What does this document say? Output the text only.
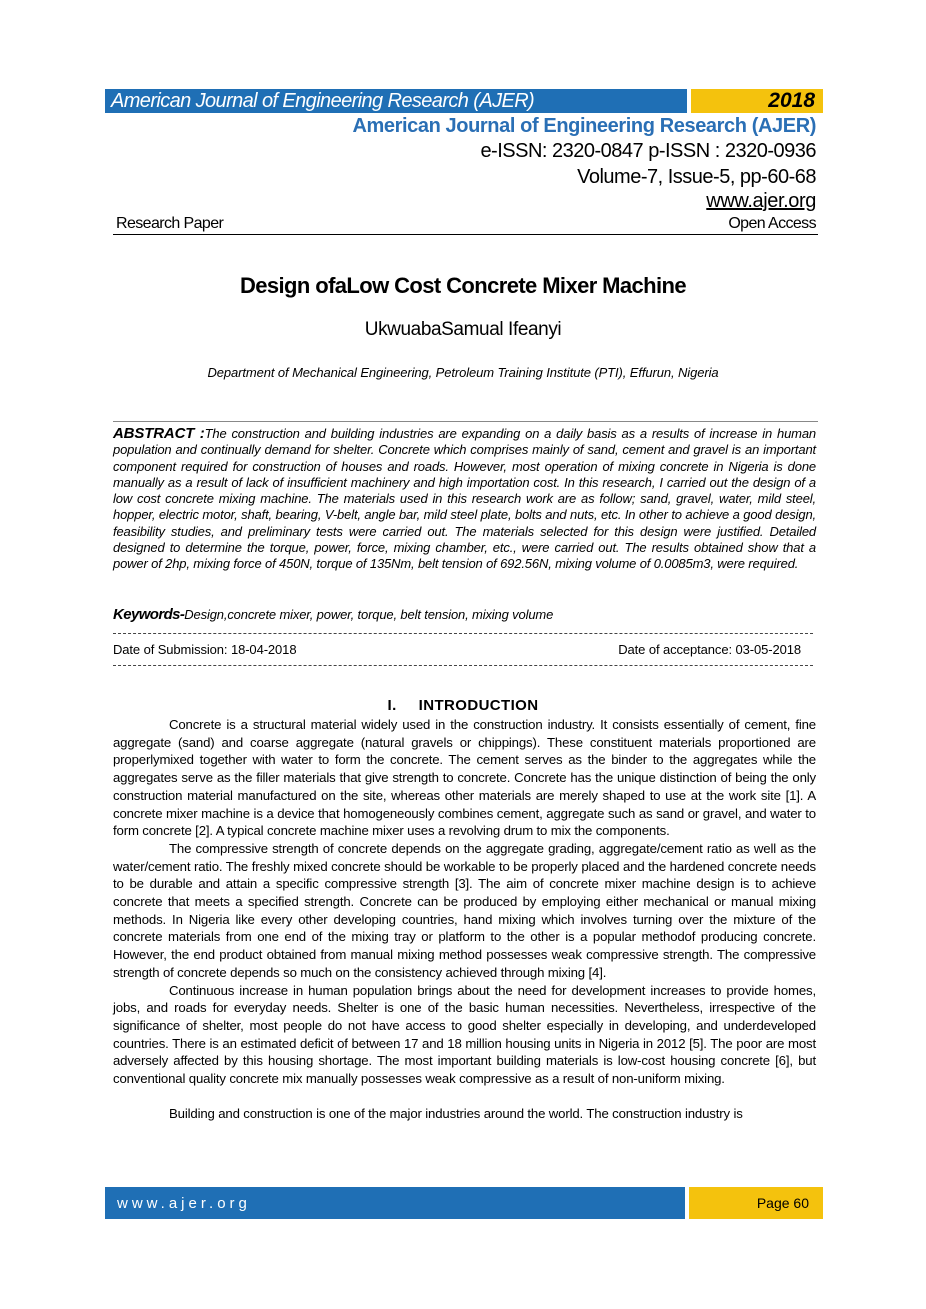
American Journal of Engineering Research (AJER)	2018
American Journal of Engineering Research (AJER)
e-ISSN: 2320-0847 p-ISSN : 2320-0936
Volume-7, Issue-5, pp-60-68
www.ajer.org
Research Paper	Open Access
Design ofaLow Cost Concrete Mixer Machine
UkwuabaSamual Ifeanyi
Department of Mechanical Engineering, Petroleum Training Institute (PTI), Effurun, Nigeria
ABSTRACT :The construction and building industries are expanding on a daily basis as a results of increase in human population and continually demand for shelter. Concrete which comprises mainly of sand, cement and gravel is an important component required for construction of houses and roads. However, most operation of mixing concrete in Nigeria is done manually as a result of lack of insufficient machinery and high importation cost. In this research, I carried out the design of a low cost concrete mixing machine. The materials used in this research work are as follow; sand, gravel, water, mild steel, hopper, electric motor, shaft, bearing, V-belt, angle bar, mild steel plate, bolts and nuts, etc. In other to achieve a good design, feasibility studies, and preliminary tests were carried out. The materials selected for this design were justified. Detailed designed to determine the torque, power, force, mixing chamber, etc., were carried out. The results obtained show that a power of 2hp, mixing force of 450N, torque of 135Nm, belt tension of 692.56N, mixing volume of 0.0085m3, were required.
Keywords-Design,concrete mixer, power, torque, belt tension, mixing volume
Date of Submission: 18-04-2018	Date of acceptance: 03-05-2018
I. INTRODUCTION

Concrete is a structural material widely used in the construction industry. It consists essentially of cement, fine aggregate (sand) and coarse aggregate (natural gravels or chippings). These constituent materials proportioned are properlymixed together with water to form the concrete. The cement serves as the binder to the aggregates while the aggregates serve as the filler materials that give strength to concrete. Concrete has the unique distinction of being the only construction material manufactured on the site, whereas other materials are merely shaped to use at the work site [1]. A concrete mixer machine is a device that homogeneously combines cement, aggregate such as sand or gravel, and water to form concrete [2]. A typical concrete machine mixer uses a revolving drum to mix the components.

The compressive strength of concrete depends on the aggregate grading, aggregate/cement ratio as well as the water/cement ratio. The freshly mixed concrete should be workable to be properly placed and the hardened concrete needs to be durable and attain a specific compressive strength [3]. The aim of concrete mixer machine design is to achieve concrete that meets a specified strength. Concrete can be produced by employing either mechanical or manual mixing methods. In Nigeria like every other developing countries, hand mixing which involves turning over the mixture of the concrete materials from one end of the mixing tray or platform to the other is a popular methodof producing concrete. However, the end product obtained from manual mixing method possesses weak compressive strength. The compressive strength of concrete depends so much on the consistency achieved through mixing [4].

Continuous increase in human population brings about the need for development increases to provide homes, jobs, and roads for everyday needs. Shelter is one of the basic human necessities. Nevertheless, irrespective of the significance of shelter, most people do not have access to good shelter especially in developing, and underdeveloped countries. There is an estimated deficit of between 17 and 18 million housing units in Nigeria in 2012 [5]. The poor are most adversely affected by this housing shortage. The most important building materials is low-cost housing concrete [6], but conventional quality concrete mix manually possesses weak compressive as a result of non-uniform mixing.

Building and construction is one of the major industries around the world. The construction industry is

www.ajer.org	Page 60
